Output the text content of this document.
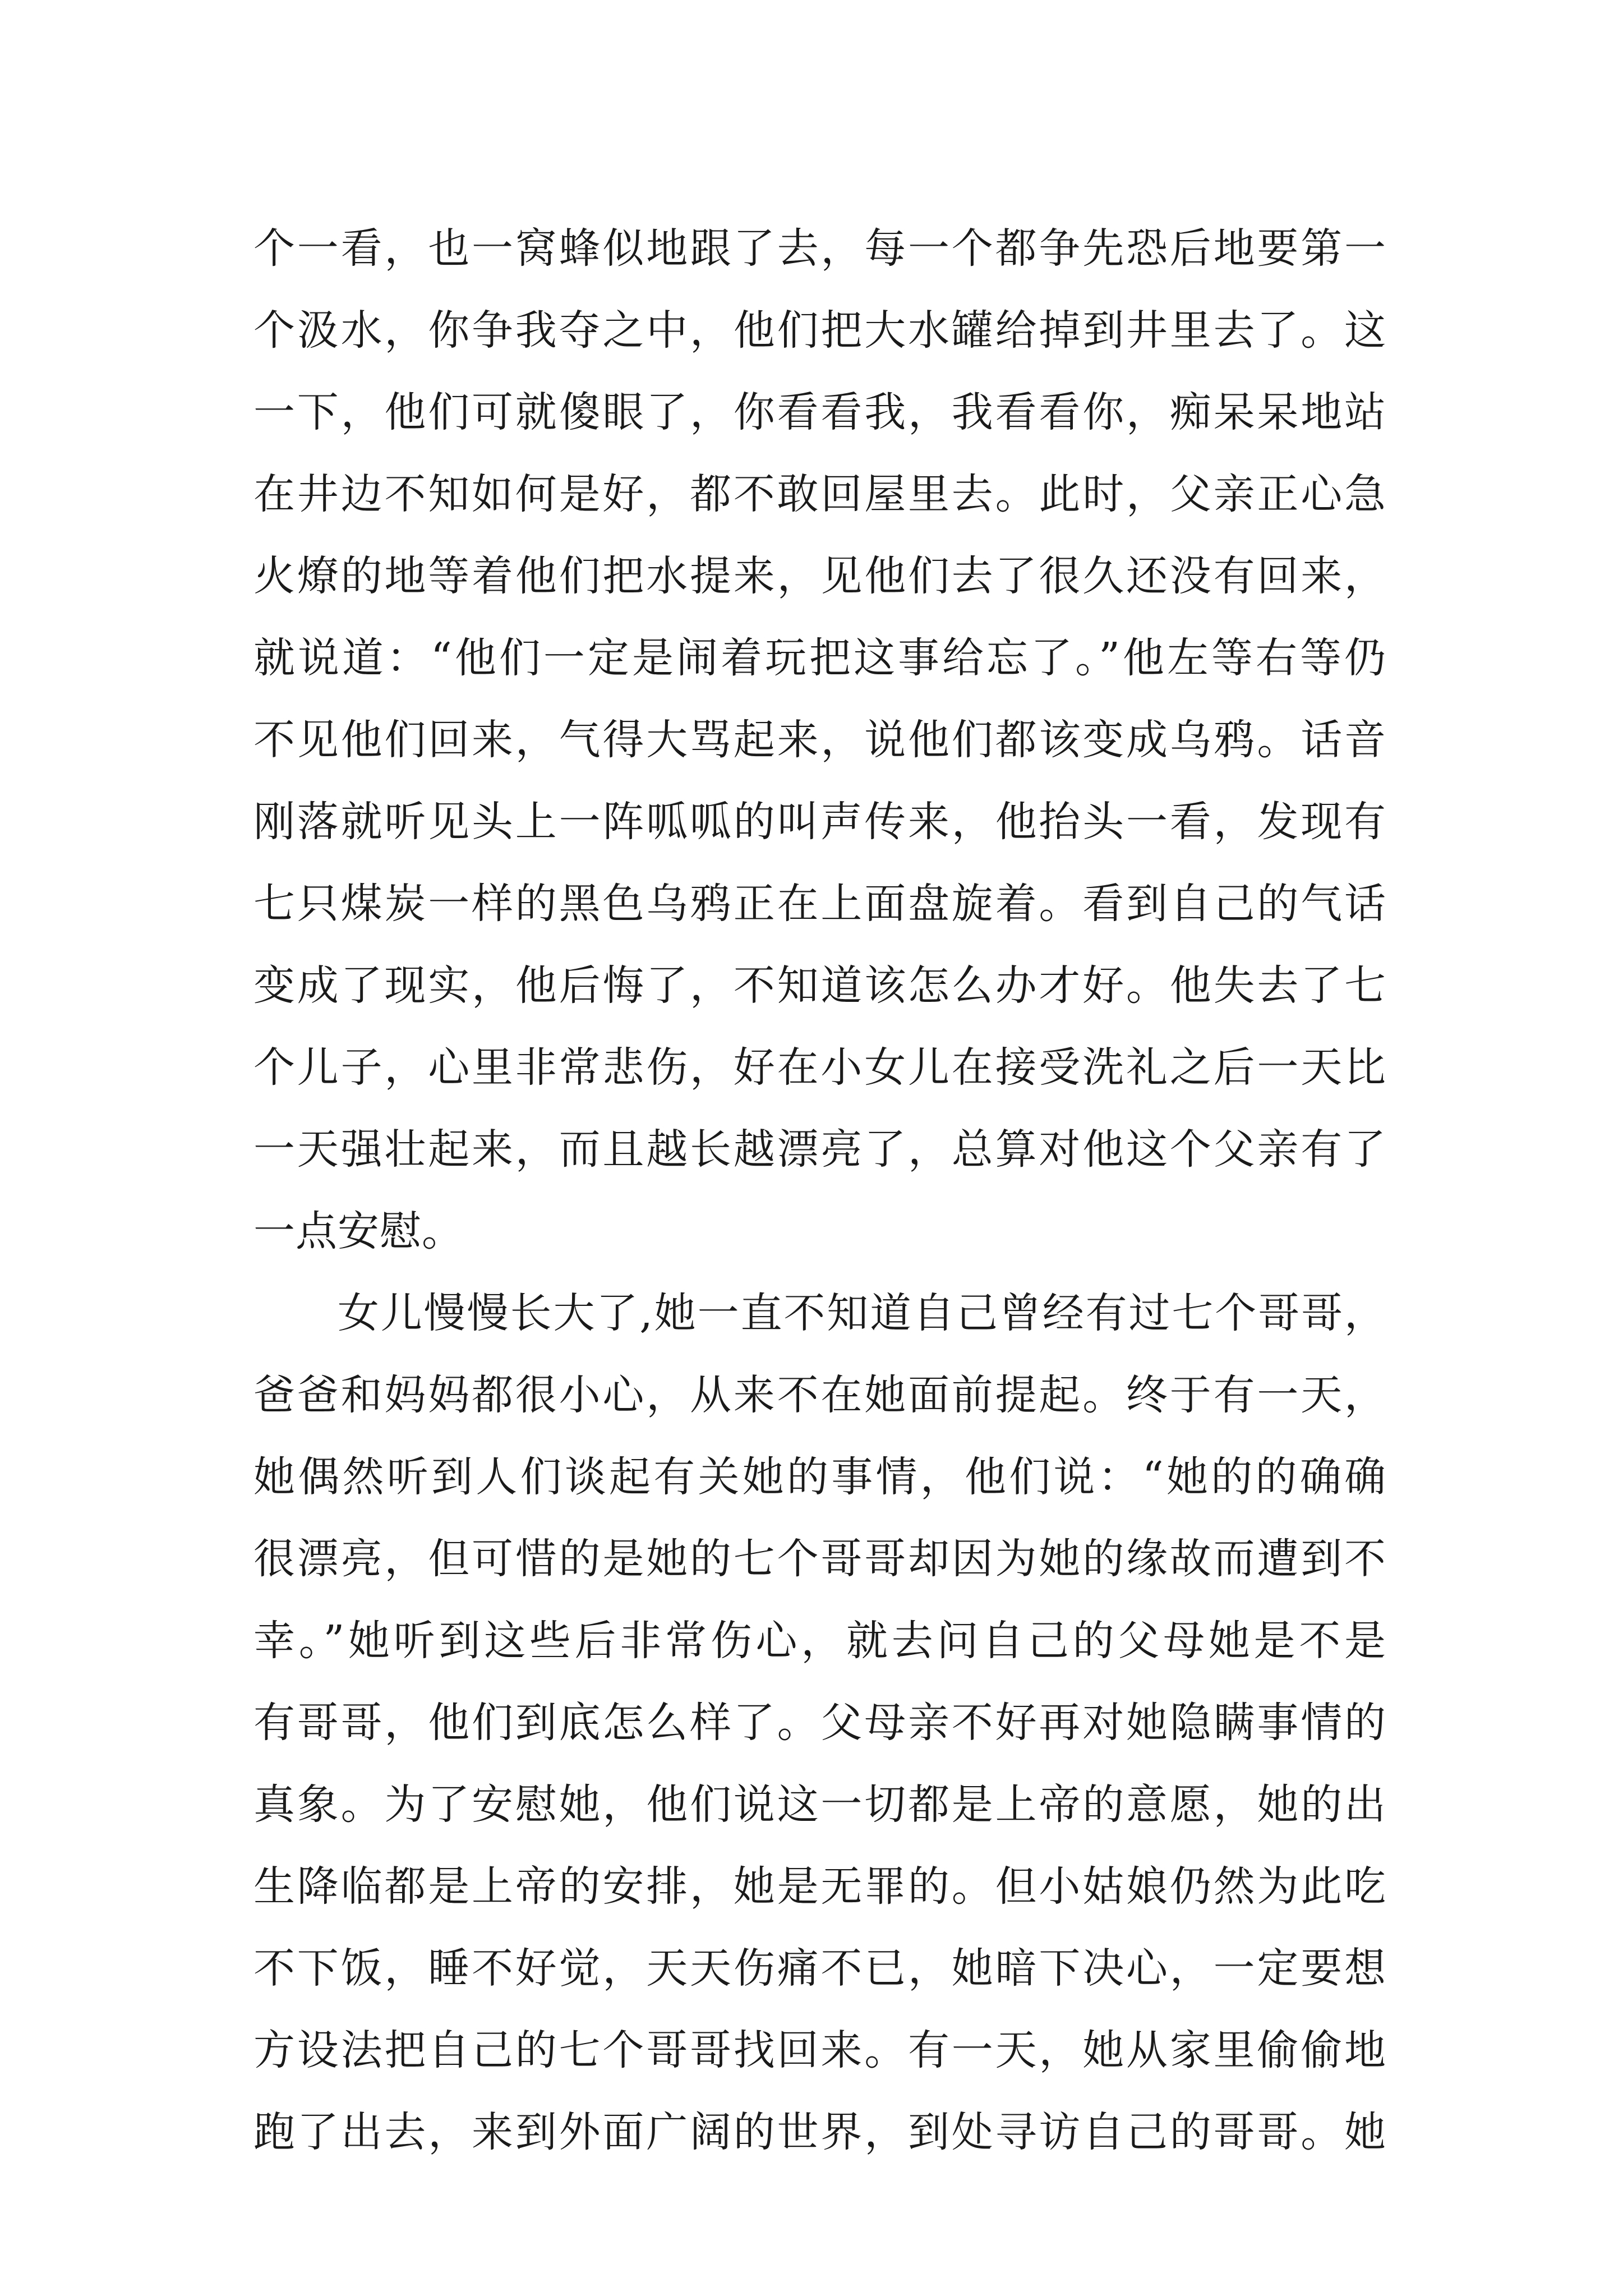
个一看，也一窝蜂似地跟了去，每一个都争先恐后地要第一
个汲水，你争我夺之中，他们把大水罐给掉到井里去了。这
一下，他们可就傻眼了，你看看我，我看看你，痴呆呆地站
在井边不知如何是好，都不敢回屋里去。此时，父亲正心急
火燎的地等着他们把水提来，见他们去了很久还没有回来，
就说道：“他们一定是闹着玩把这事给忘了。”他左等右等仍
不见他们回来，气得大骂起来，说他们都该变成乌鸦。话音
刚落就听见头上一阵呱呱的叫声传来，他抬头一看，发现有
七只煤炭一样的黑色乌鸦正在上面盘旋着。看到自己的气话
变成了现实，他后悔了，不知道该怎么办才好。他失去了七
个儿子，心里非常悲伤，好在小女儿在接受洗礼之后一天比
一天强壮起来，而且越长越漂亮了，总算对他这个父亲有了
一点安慰。
女儿慢慢长大了,她一直不知道自己曾经有过七个哥哥，
爸爸和妈妈都很小心，从来不在她面前提起。终于有一天，
她偶然听到人们谈起有关她的事情，他们说：“她的的确确
很漂亮，但可惜的是她的七个哥哥却因为她的缘故而遭到不
幸。”她听到这些后非常伤心，就去问自己的父母她是不是
有哥哥，他们到底怎么样了。父母亲不好再对她隐瞒事情的
真象。为了安慰她，他们说这一切都是上帝的意愿，她的出
生降临都是上帝的安排，她是无罪的。但小姑娘仍然为此吃
不下饭，睡不好觉，天天伤痛不已，她暗下决心，一定要想
方设法把自己的七个哥哥找回来。有一天，她从家里偷偷地
跑了出去，来到外面广阔的世界，到处寻访自己的哥哥。她
